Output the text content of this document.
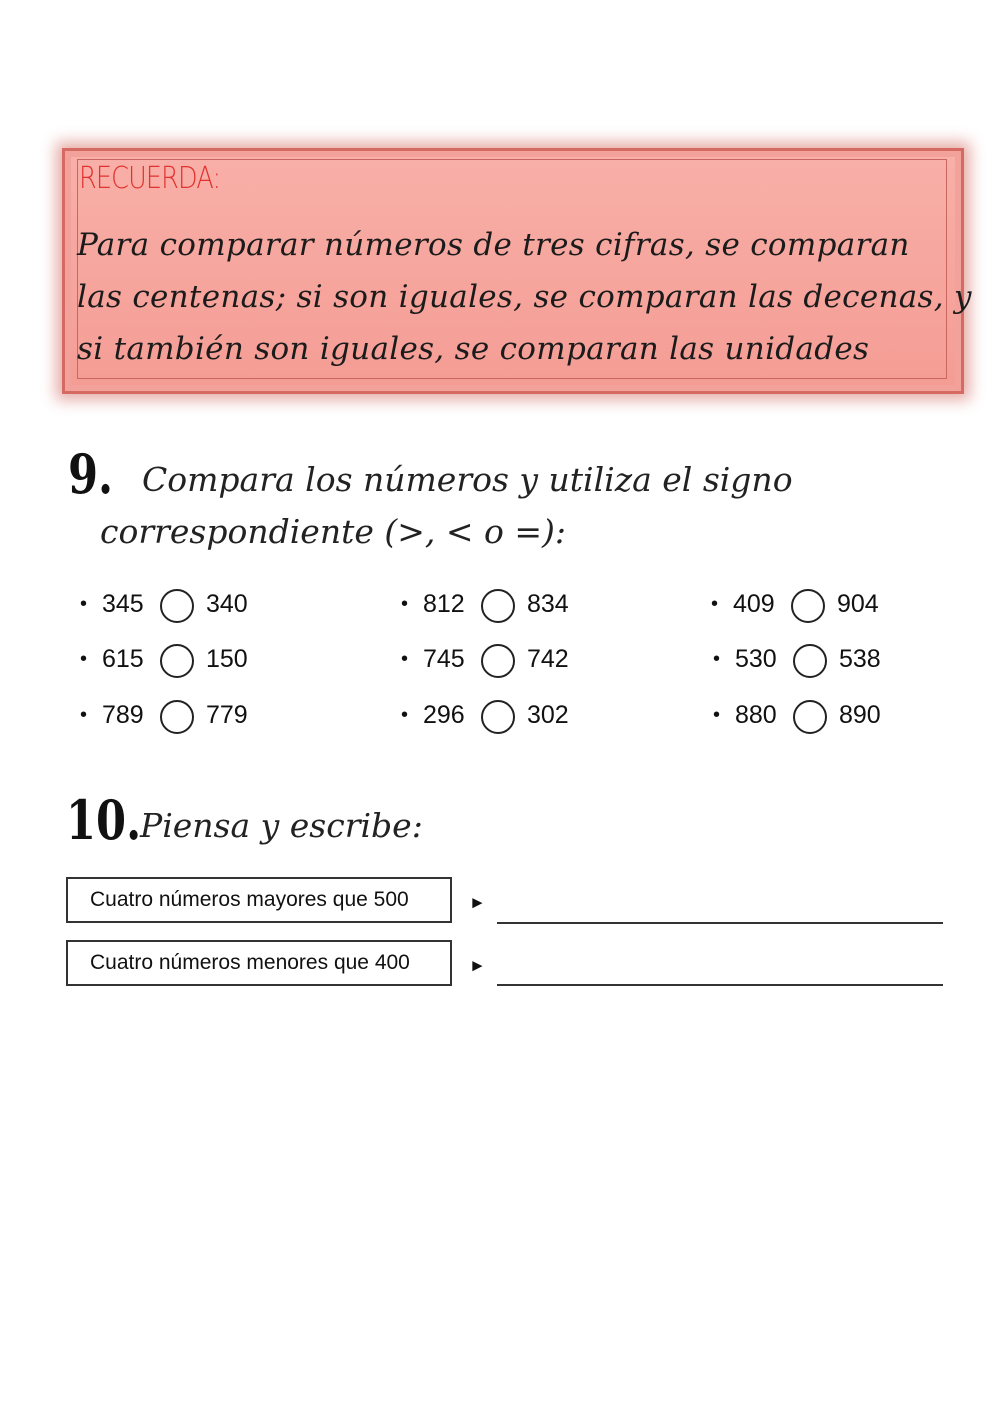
RECUERDA:
Para comparar números de tres cifras, se comparan
las centenas; si son iguales, se comparan las decenas, y
si también son iguales, se comparan las unidades
9. Compara los números y utiliza el signo
correspondiente (>, < o =):
• 345	340
• 615	150
• 789	779
• 812	834
• 745	742
• 296	302
• 409	904
• 530	538
• 880	890
10.
Piensa y escribe:
Cuatro números mayores que 500	►
Cuatro números menores que 400	►
